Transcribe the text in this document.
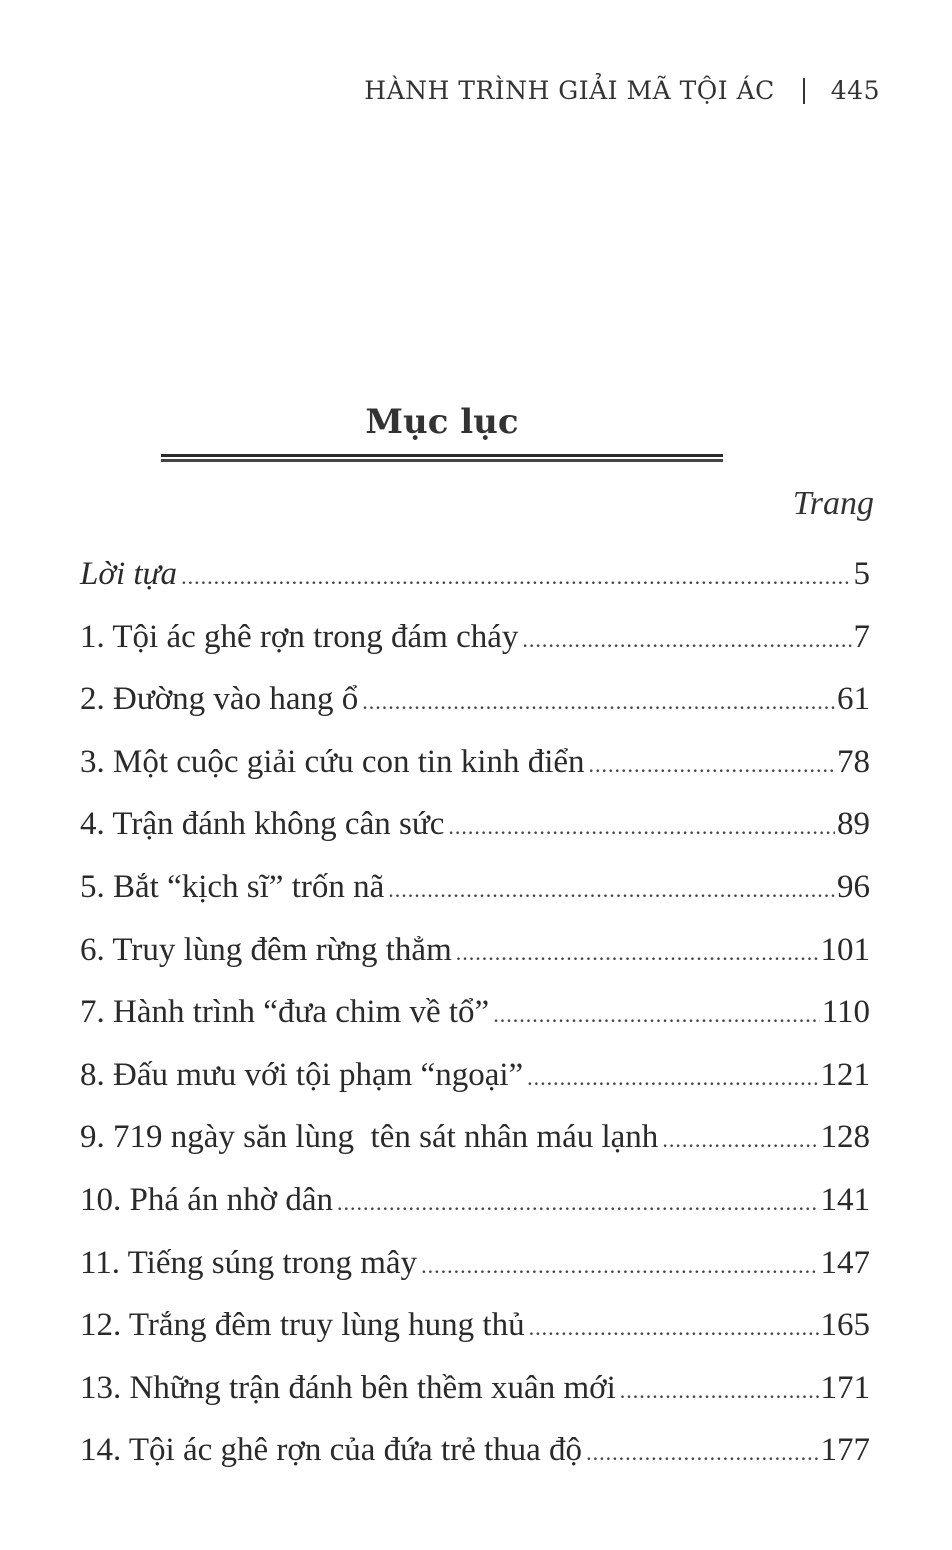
HÀNH TRÌNH GIẢI MÃ TỘI ÁC 445
Mục lục
Trang
Lời tựa .....	5
1. Tội ác ghê rợn trong đám cháy .....	7
2. Đường vào hang ổ .....	61
3. Một cuộc giải cứu con tin kinh điển .....	78
4. Trận đánh không cân sức .....	89
5. Bắt “kịch sĩ” trốn nã .....	96
6. Truy lùng đêm rừng thẳm .....	101
7. Hành trình “đưa chim về tổ” .....	110
8. Đấu mưu với tội phạm “ngoại” .....	121
9. 719 ngày săn lùng  tên sát nhân máu lạnh .....	128
10. Phá án nhờ dân .....	141
11. Tiếng súng trong mây .....	147
12. Trắng đêm truy lùng hung thủ .....	165
13. Những trận đánh bên thềm xuân mới .....	171
14. Tội ác ghê rợn của đứa trẻ thua độ .....	177
